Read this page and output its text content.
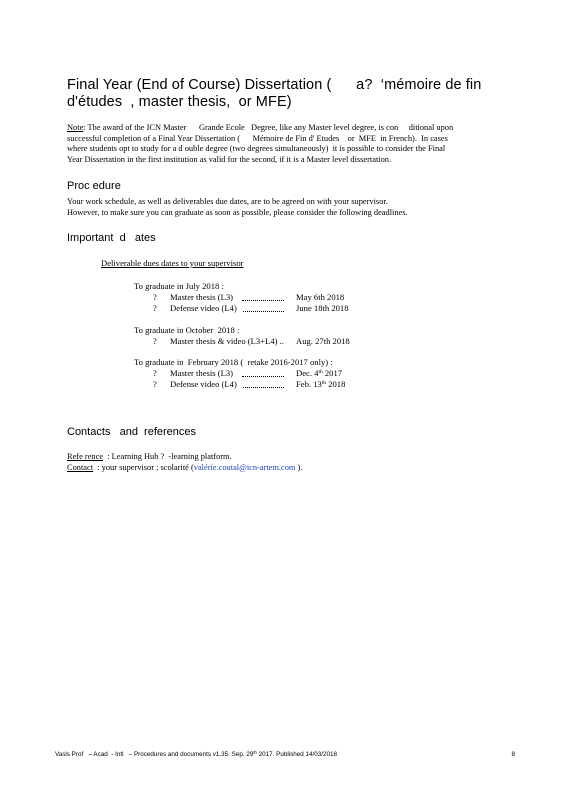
Final Year (End of Course) Dissertation (      a?  ‘mémoire de fin
d'études  , master thesis,  or MFE)
Note: The award of the ICN Master      Grande Ecole   Degree, like any Master level degree, is con     ditional upon
successful completion of a Final Year Dissertation (      Mémoire de Fin d' Etudes    or  MFE  in French).  In cases
where students opt to study for a d ouble degree (two degrees simultaneously)  it is possible to consider the Final
Year Dissertation in the first institution as valid for the second, if it is a Master level dissertation.
Proc edure
Your work schedule, as well as deliverables due dates, are to be agreed on with your supervisor.
However, to make sure you can graduate as soon as possible, please consider the following deadlines.
Important  d   ates
Deliverable dues dates to your supervisor
To graduate in July 2018 :
? Master thesis (L3)	May 6th 2018
? Defense video (L4)	June 18th 2018
To graduate in October  2018 :
? Master thesis & video (L3+L4) .. Aug. 27th 2018
To graduate in  February 2018 (  retake 2016-2017 only) :
? Master thesis (L3)	Dec. 4th 2017
? Defense video (L4)	Feb. 13th 2018
Contacts   and  references
Refe rence  : Learning Hub ?  -learning platform.
Contact  : your supervisor ; scolarité (valérie.coutal@icn-artem.com ).
Vasls Prof   – Acad  - Intl   – Procedures and documents v1.35: Sep. 29th 2017. Published 14/03/2018	8
